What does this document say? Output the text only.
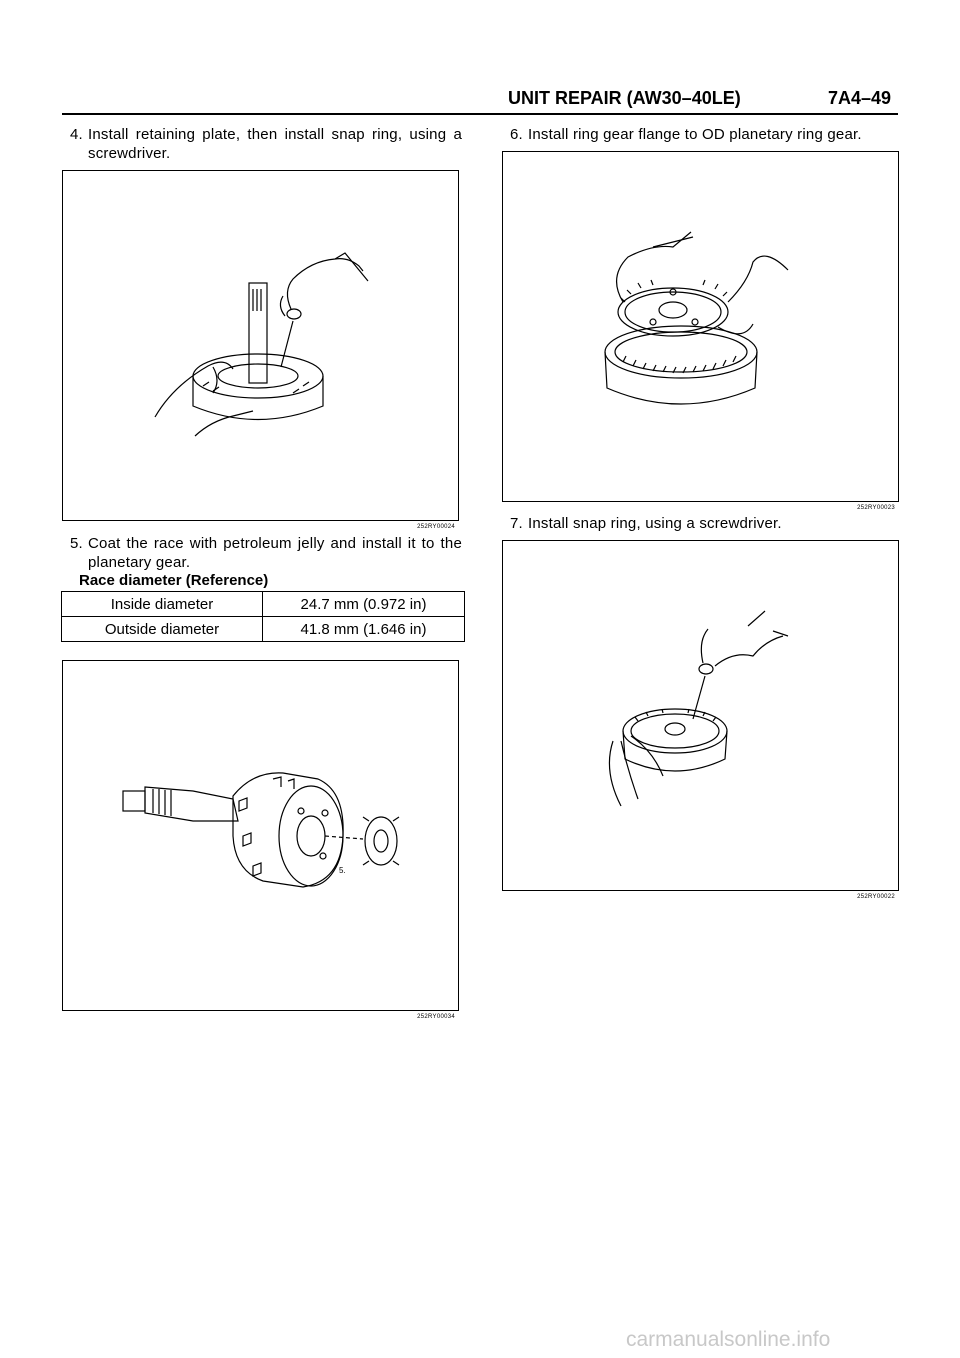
UNIT REPAIR (AW30–40LE)	7A4–49
4. Install retaining plate, then install snap ring, using a screwdriver.
252RY00024
5. Coat the race with petroleum jelly and install it to the planetary gear.
Race diameter (Reference)
Inside diameter	24.7 mm (0.972 in)
Outside diameter	41.8 mm (1.646 in)
5.
252RY00034
6. Install ring gear flange to OD planetary ring gear.
252RY00023
7. Install snap ring, using a screwdriver.
252RY00022
carmanualsonline.info
